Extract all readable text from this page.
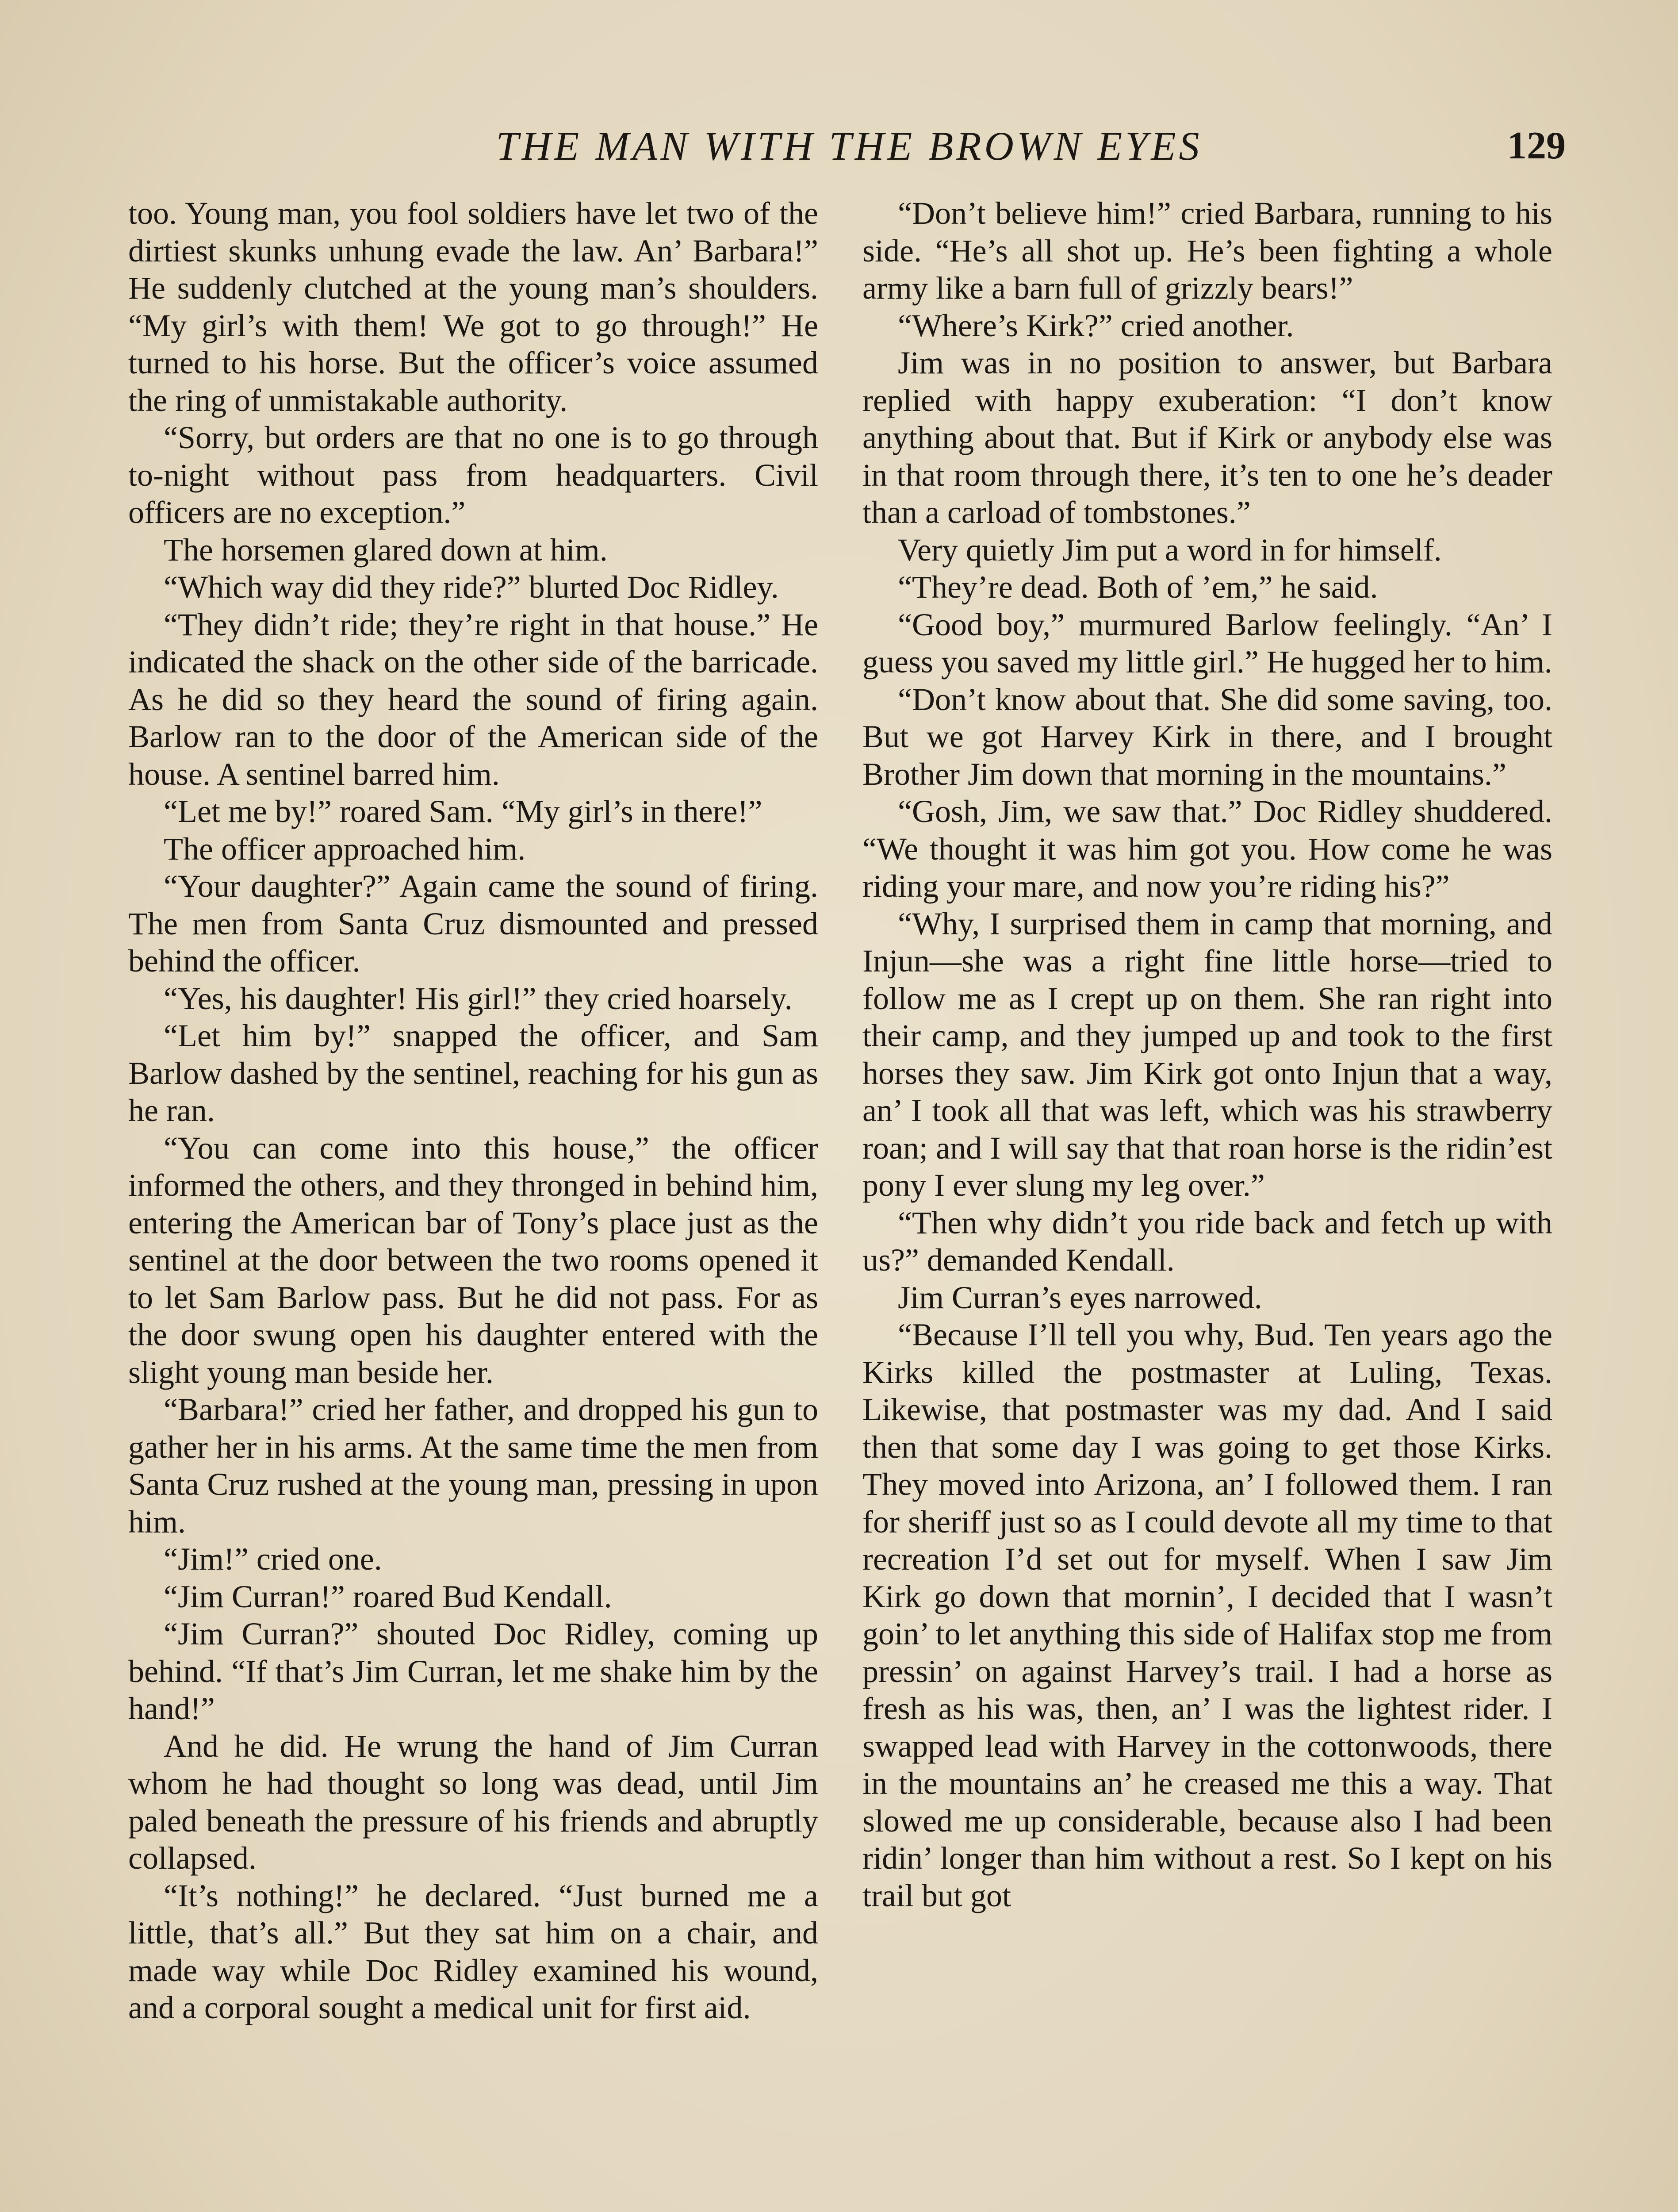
THE MAN WITH THE BROWN EYES	129

too. Young man, you fool soldiers have let two of the dirtiest skunks unhung evade the law. An’ Barbara!” He suddenly clutched at the young man’s shoulders. “My girl’s with them! We got to go through!” He turned to his horse. But the officer’s voice assumed the ring of unmistakable authority.

“Sorry, but orders are that no one is to go through to-night without pass from headquarters. Civil officers are no exception.”

The horsemen glared down at him.

“Which way did they ride?” blurted Doc Ridley.

“They didn’t ride; they’re right in that house.” He indicated the shack on the other side of the barricade. As he did so they heard the sound of firing again. Barlow ran to the door of the American side of the house. A sentinel barred him.

“Let me by!” roared Sam. “My girl’s in there!”

The officer approached him.

“Your daughter?” Again came the sound of firing. The men from Santa Cruz dismounted and pressed behind the officer.

“Yes, his daughter! His girl!” they cried hoarsely.

“Let him by!” snapped the officer, and Sam Barlow dashed by the sentinel, reaching for his gun as he ran.

“You can come into this house,” the officer informed the others, and they thronged in behind him, entering the American bar of Tony’s place just as the sentinel at the door between the two rooms opened it to let Sam Barlow pass. But he did not pass. For as the door swung open his daughter entered with the slight young man beside her.

“Barbara!” cried her father, and dropped his gun to gather her in his arms. At the same time the men from Santa Cruz rushed at the young man, pressing in upon him.

“Jim!” cried one.

“Jim Curran!” roared Bud Kendall.

“Jim Curran?” shouted Doc Ridley, coming up behind. “If that’s Jim Curran, let me shake him by the hand!”

And he did. He wrung the hand of Jim Curran whom he had thought so long was dead, until Jim paled beneath the pressure of his friends and abruptly collapsed.

“It’s nothing!” he declared. “Just burned me a little, that’s all.” But they sat him on a chair, and made way while Doc Ridley examined his wound, and a corporal sought a medical unit for first aid.

“Don’t believe him!” cried Barbara, running to his side. “He’s all shot up. He’s been fighting a whole army like a barn full of grizzly bears!”

“Where’s Kirk?” cried another.

Jim was in no position to answer, but Barbara replied with happy exuberation: “I don’t know anything about that. But if Kirk or anybody else was in that room through there, it’s ten to one he’s deader than a carload of tombstones.”

Very quietly Jim put a word in for himself.

“They’re dead. Both of ’em,” he said.

“Good boy,” murmured Barlow feelingly. “An’ I guess you saved my little girl.” He hugged her to him.

“Don’t know about that. She did some saving, too. But we got Harvey Kirk in there, and I brought Brother Jim down that morning in the mountains.”

“Gosh, Jim, we saw that.” Doc Ridley shuddered. “We thought it was him got you. How come he was riding your mare, and now you’re riding his?”

“Why, I surprised them in camp that morning, and Injun—she was a right fine little horse—tried to follow me as I crept up on them. She ran right into their camp, and they jumped up and took to the first horses they saw. Jim Kirk got onto Injun that a way, an’ I took all that was left, which was his strawberry roan; and I will say that that roan horse is the ridin’est pony I ever slung my leg over.”

“Then why didn’t you ride back and fetch up with us?” demanded Kendall.

Jim Curran’s eyes narrowed.

“Because I’ll tell you why, Bud. Ten years ago the Kirks killed the postmaster at Luling, Texas. Likewise, that postmaster was my dad. And I said then that some day I was going to get those Kirks. They moved into Arizona, an’ I followed them. I ran for sheriff just so as I could devote all my time to that recreation I’d set out for myself. When I saw Jim Kirk go down that mornin’, I decided that I wasn’t goin’ to let anything this side of Halifax stop me from pressin’ on against Harvey’s trail. I had a horse as fresh as his was, then, an’ I was the lightest rider. I swapped lead with Harvey in the cottonwoods, there in the mountains an’ he creased me this a way. That slowed me up considerable, because also I had been ridin’ longer than him without a rest. So I kept on his trail but got
